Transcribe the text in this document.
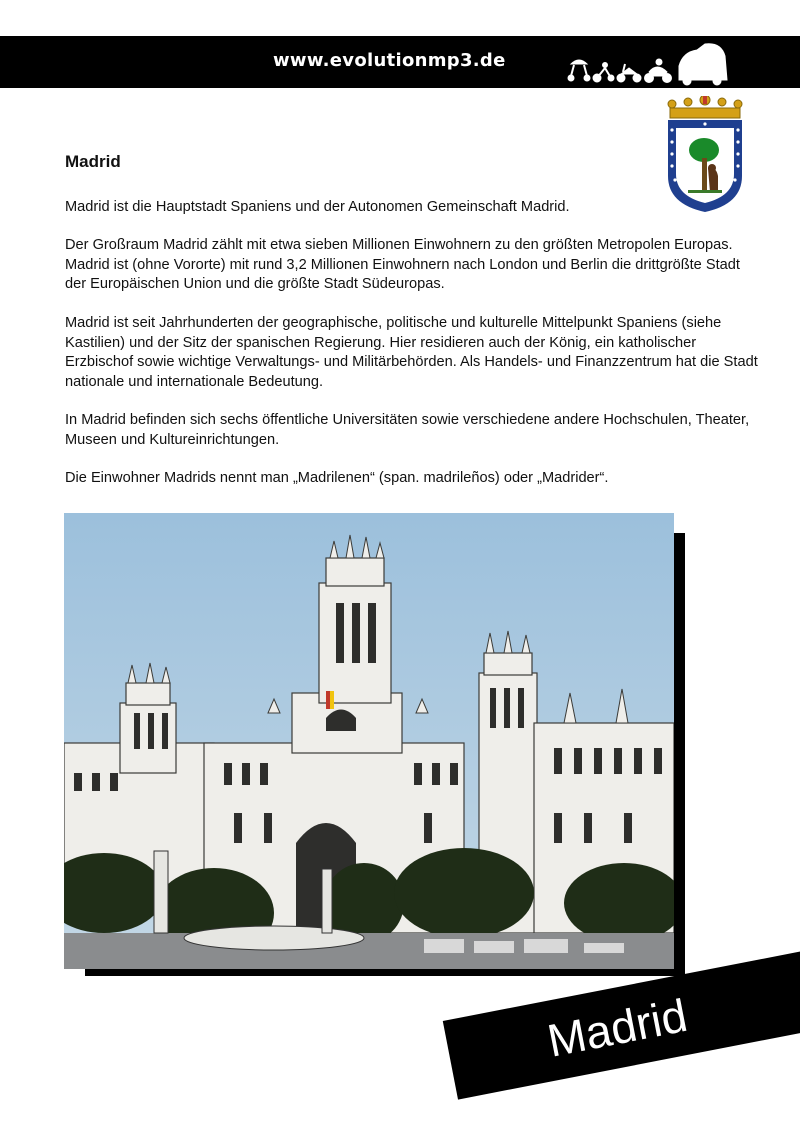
www.evolutionmp3.de
Madrid

Madrid ist die Hauptstadt Spaniens und der Autonomen Gemeinschaft Madrid.

Der Großraum Madrid zählt mit etwa sieben Millionen Einwohnern zu den größten Metropolen Europas. Madrid ist (ohne Vororte) mit rund 3,2 Millionen Einwohnern nach London und Berlin die drittgrößte Stadt der Europäischen Union und die größte Stadt Südeuropas.

Madrid ist seit Jahrhunderten der geographische, politische und kulturelle Mittelpunkt Spaniens (siehe Kastilien) und der Sitz der spanischen Regierung. Hier residieren auch der König, ein katholischer Erzbischof sowie wichtige Verwaltungs- und Militärbehörden. Als Handels- und Finanzzentrum hat die Stadt nationale und internationale Bedeutung.

In Madrid befinden sich sechs öffentliche Universitäten sowie verschiedene andere Hochschulen, Theater, Museen und Kultureinrichtungen.

Die Einwohner Madrids nennt man „Madrilenen“ (span. madrileños) oder „Madrider“.

Madrid
